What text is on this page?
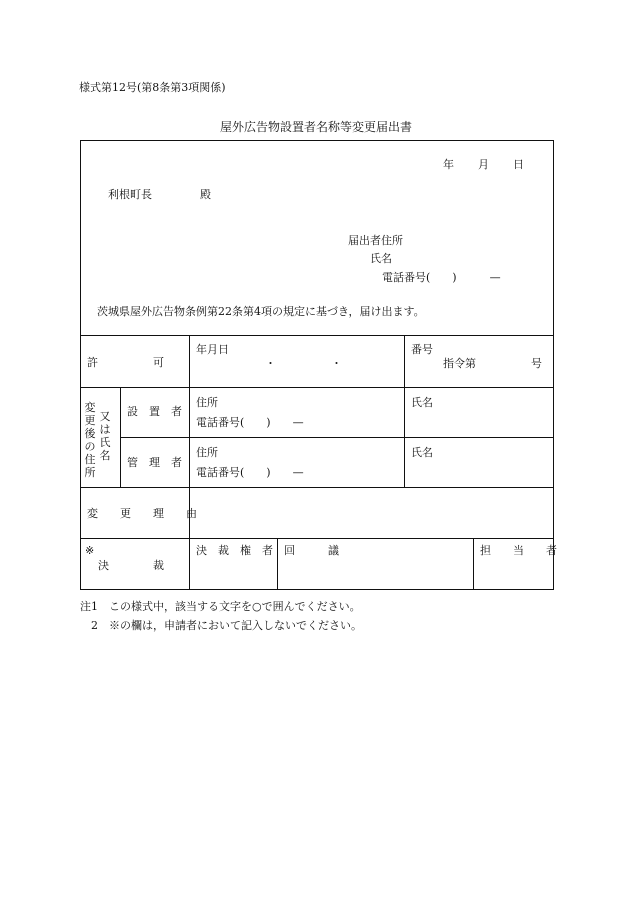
様式第12号(第8条第3項関係)
屋外広告物設置者名称等変更届出書
年 月 日
利根町長	殿
届出者住所
氏名
電話番号(　　)　　　—
茨城県屋外広告物条例第22条第4項の規定に基づき，届け出ます。
許　　　　　可
年月日
・　　　　　・
番号
指令第　　　　　号
変更後の住所
又は氏名
設　置　者
住所
電話番号(　　)　　—
氏名
管　理　者
住所
電話番号(　　)　　—
氏名
変　　更　　理　　由
※
決　　　　裁
決　裁　権　者 回　　　議	担　　当　　者
注1　この様式中，該当する文字を○で囲んでください。
　2　※の欄は，申請者において記入しないでください。
